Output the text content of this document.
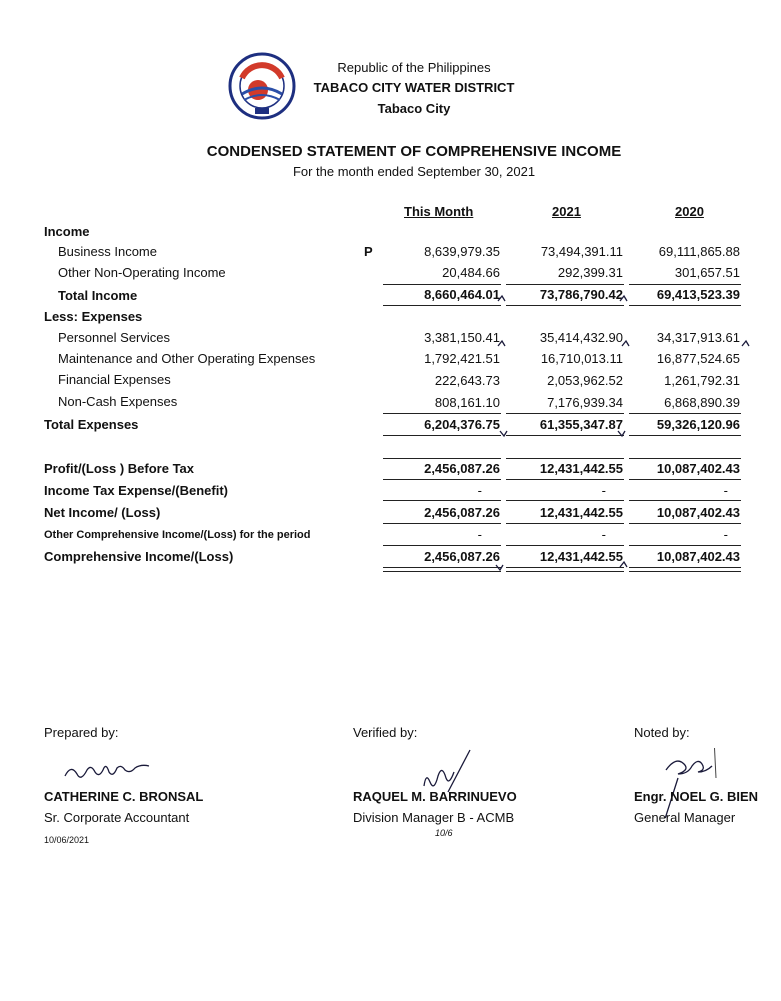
Republic of the Philippines
TABACO CITY WATER DISTRICT
Tabaco City
CONDENSED STATEMENT OF COMPREHENSIVE INCOME
For the month ended September 30, 2021
This Month	2021	2020
Income
Business Income	P	8,639,979.35	73,494,391.11	69,111,865.88
Other Non-Operating Income	20,484.66	292,399.31	301,657.51
Total Income	8,660,464.01	73,786,790.42	69,413,523.39
Less: Expenses
Personnel Services	3,381,150.41	35,414,432.90	34,317,913.61
Maintenance and Other Operating Expenses	1,792,421.51	16,710,013.11	16,877,524.65
Financial Expenses	222,643.73	2,053,962.52	1,261,792.31
Non-Cash Expenses	808,161.10	7,176,939.34	6,868,890.39
Total Expenses	6,204,376.75	61,355,347.87	59,326,120.96
Profit/(Loss ) Before Tax	2,456,087.26	12,431,442.55	10,087,402.43
Income Tax Expense/(Benefit)	-	-	-
Net Income/ (Loss)	2,456,087.26	12,431,442.55	10,087,402.43
Other Comprehensive Income/(Loss) for the period	-	-	-
Comprehensive Income/(Loss)	2,456,087.26	12,431,442.55	10,087,402.43
Prepared by:	Verified by:	Noted by:
CATHERINE C. BRONSAL
Sr. Corporate Accountant
10/06/2021
RAQUEL M. BARRINUEVO
Division Manager B - ACMB
10/6
Engr. NOEL G. BIEN
General Manager
